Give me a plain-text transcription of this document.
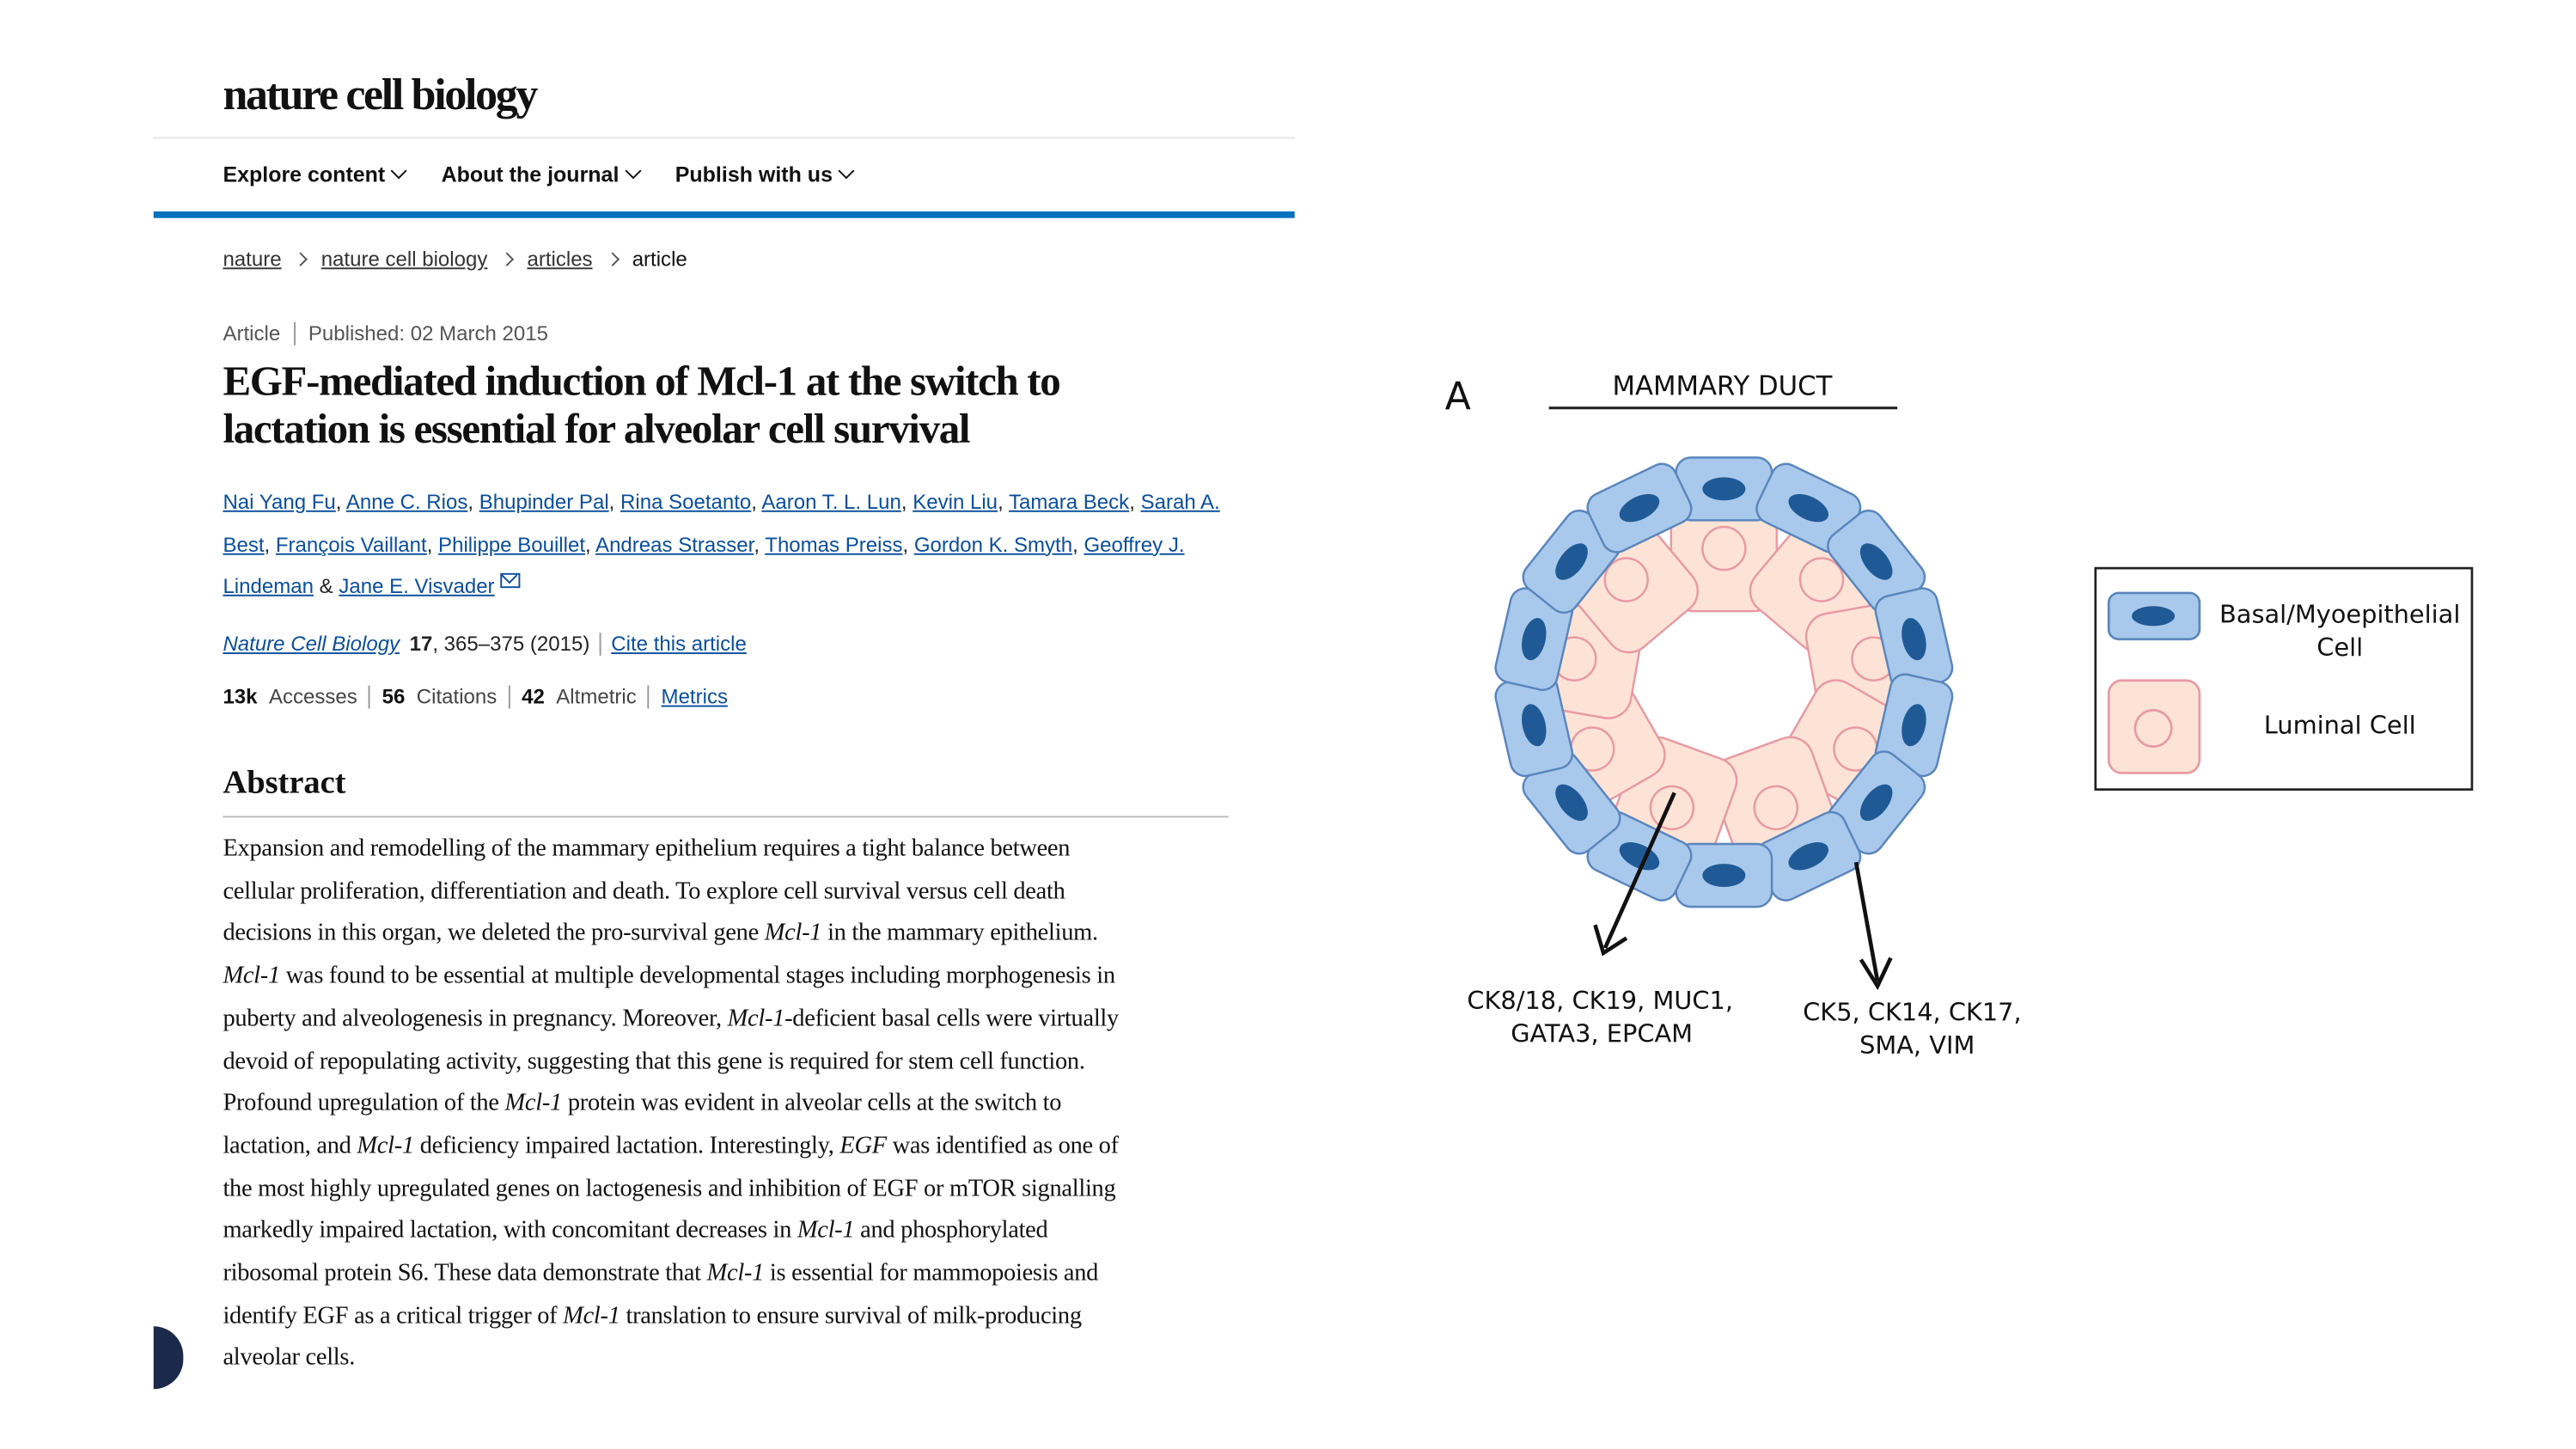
nature cell biology
Explore content	About the journal	Publish with us
nature	nature cell biology	articles	article
Article	Published: 02 March 2015
EGF-mediated induction of Mcl-1 at the switch to lactation is essential for alveolar cell survival
Nai Yang Fu, Anne C. Rios, Bhupinder Pal, Rina Soetanto, Aaron T. L. Lun, Kevin Liu, Tamara Beck, Sarah A. Best, François Vaillant, Philippe Bouillet, Andreas Strasser, Thomas Preiss, Gordon K. Smyth, Geoffrey J. Lindeman & Jane E. Visvader
Nature Cell Biology 17, 365–375 (2015) Cite this article
13k Accesses 56 Citations 42 Altmetric Metrics
Abstract
Expansion and remodelling of the mammary epithelium requires a tight balance between
cellular proliferation, differentiation and death. To explore cell survival versus cell death
decisions in this organ, we deleted the pro-survival gene Mcl-1 in the mammary epithelium.
Mcl-1 was found to be essential at multiple developmental stages including morphogenesis in
puberty and alveologenesis in pregnancy. Moreover, Mcl-1-deficient basal cells were virtually
devoid of repopulating activity, suggesting that this gene is required for stem cell function.
Profound upregulation of the Mcl-1 protein was evident in alveolar cells at the switch to
lactation, and Mcl-1 deficiency impaired lactation. Interestingly, EGF was identified as one of
the most highly upregulated genes on lactogenesis and inhibition of EGF or mTOR signalling
markedly impaired lactation, with concomitant decreases in Mcl-1 and phosphorylated
ribosomal protein S6. These data demonstrate that Mcl-1 is essential for mammopoiesis and
identify EGF as a critical trigger of Mcl-1 translation to ensure survival of milk-producing
alveolar cells.
A	MAMMARY DUCT
CK8/18, CK19, MUC1,
GATA3, EPCAM
CK5, CK14, CK17,
SMA, VIM
Basal/Myoepithelial
Cell
Luminal Cell
